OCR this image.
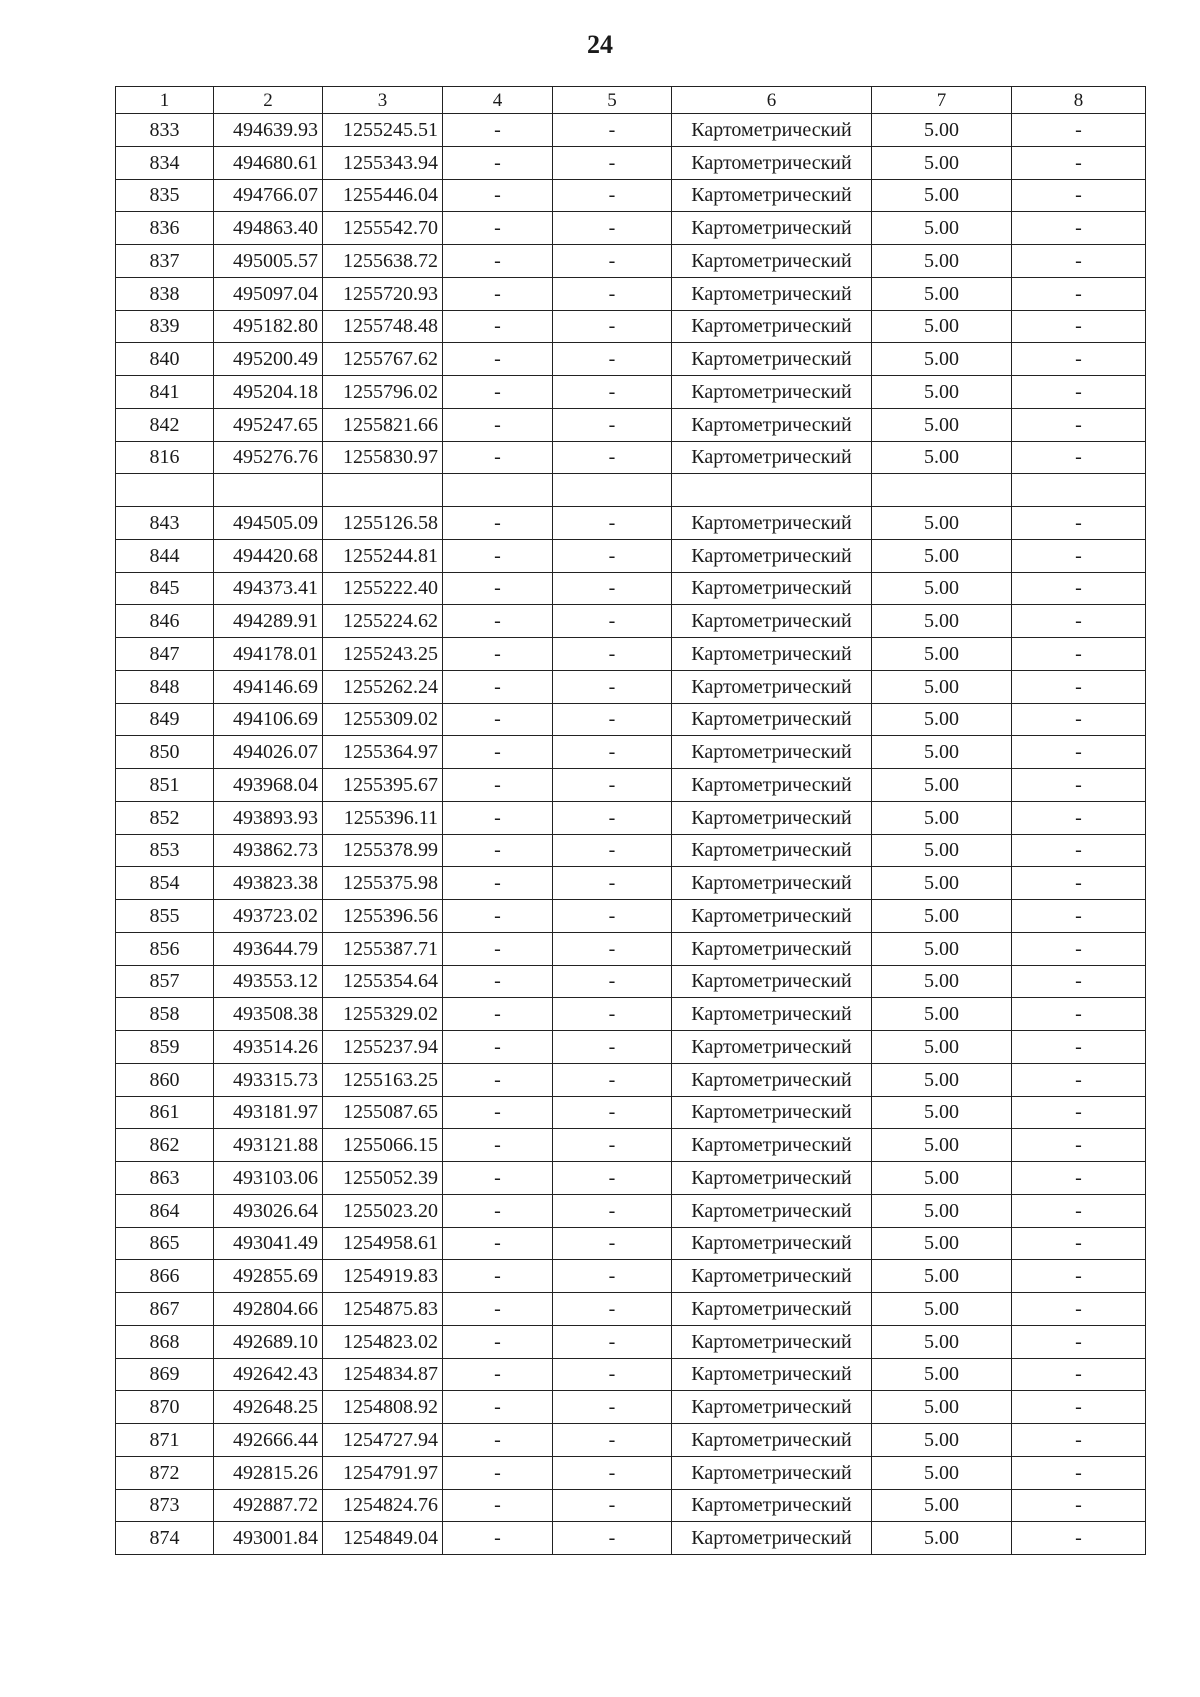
24
1	2	3	4	5	6	7	8
833	494639.93	1255245.51	-	-	Картометрический	5.00	-
834	494680.61	1255343.94	-	-	Картометрический	5.00	-
835	494766.07	1255446.04	-	-	Картометрический	5.00	-
836	494863.40	1255542.70	-	-	Картометрический	5.00	-
837	495005.57	1255638.72	-	-	Картометрический	5.00	-
838	495097.04	1255720.93	-	-	Картометрический	5.00	-
839	495182.80	1255748.48	-	-	Картометрический	5.00	-
840	495200.49	1255767.62	-	-	Картометрический	5.00	-
841	495204.18	1255796.02	-	-	Картометрический	5.00	-
842	495247.65	1255821.66	-	-	Картометрический	5.00	-
816	495276.76	1255830.97	-	-	Картометрический	5.00	-

843	494505.09	1255126.58	-	-	Картометрический	5.00	-
844	494420.68	1255244.81	-	-	Картометрический	5.00	-
845	494373.41	1255222.40	-	-	Картометрический	5.00	-
846	494289.91	1255224.62	-	-	Картометрический	5.00	-
847	494178.01	1255243.25	-	-	Картометрический	5.00	-
848	494146.69	1255262.24	-	-	Картометрический	5.00	-
849	494106.69	1255309.02	-	-	Картометрический	5.00	-
850	494026.07	1255364.97	-	-	Картометрический	5.00	-
851	493968.04	1255395.67	-	-	Картометрический	5.00	-
852	493893.93	1255396.11	-	-	Картометрический	5.00	-
853	493862.73	1255378.99	-	-	Картометрический	5.00	-
854	493823.38	1255375.98	-	-	Картометрический	5.00	-
855	493723.02	1255396.56	-	-	Картометрический	5.00	-
856	493644.79	1255387.71	-	-	Картометрический	5.00	-
857	493553.12	1255354.64	-	-	Картометрический	5.00	-
858	493508.38	1255329.02	-	-	Картометрический	5.00	-
859	493514.26	1255237.94	-	-	Картометрический	5.00	-
860	493315.73	1255163.25	-	-	Картометрический	5.00	-
861	493181.97	1255087.65	-	-	Картометрический	5.00	-
862	493121.88	1255066.15	-	-	Картометрический	5.00	-
863	493103.06	1255052.39	-	-	Картометрический	5.00	-
864	493026.64	1255023.20	-	-	Картометрический	5.00	-
865	493041.49	1254958.61	-	-	Картометрический	5.00	-
866	492855.69	1254919.83	-	-	Картометрический	5.00	-
867	492804.66	1254875.83	-	-	Картометрический	5.00	-
868	492689.10	1254823.02	-	-	Картометрический	5.00	-
869	492642.43	1254834.87	-	-	Картометрический	5.00	-
870	492648.25	1254808.92	-	-	Картометрический	5.00	-
871	492666.44	1254727.94	-	-	Картометрический	5.00	-
872	492815.26	1254791.97	-	-	Картометрический	5.00	-
873	492887.72	1254824.76	-	-	Картометрический	5.00	-
874	493001.84	1254849.04	-	-	Картометрический	5.00	-
